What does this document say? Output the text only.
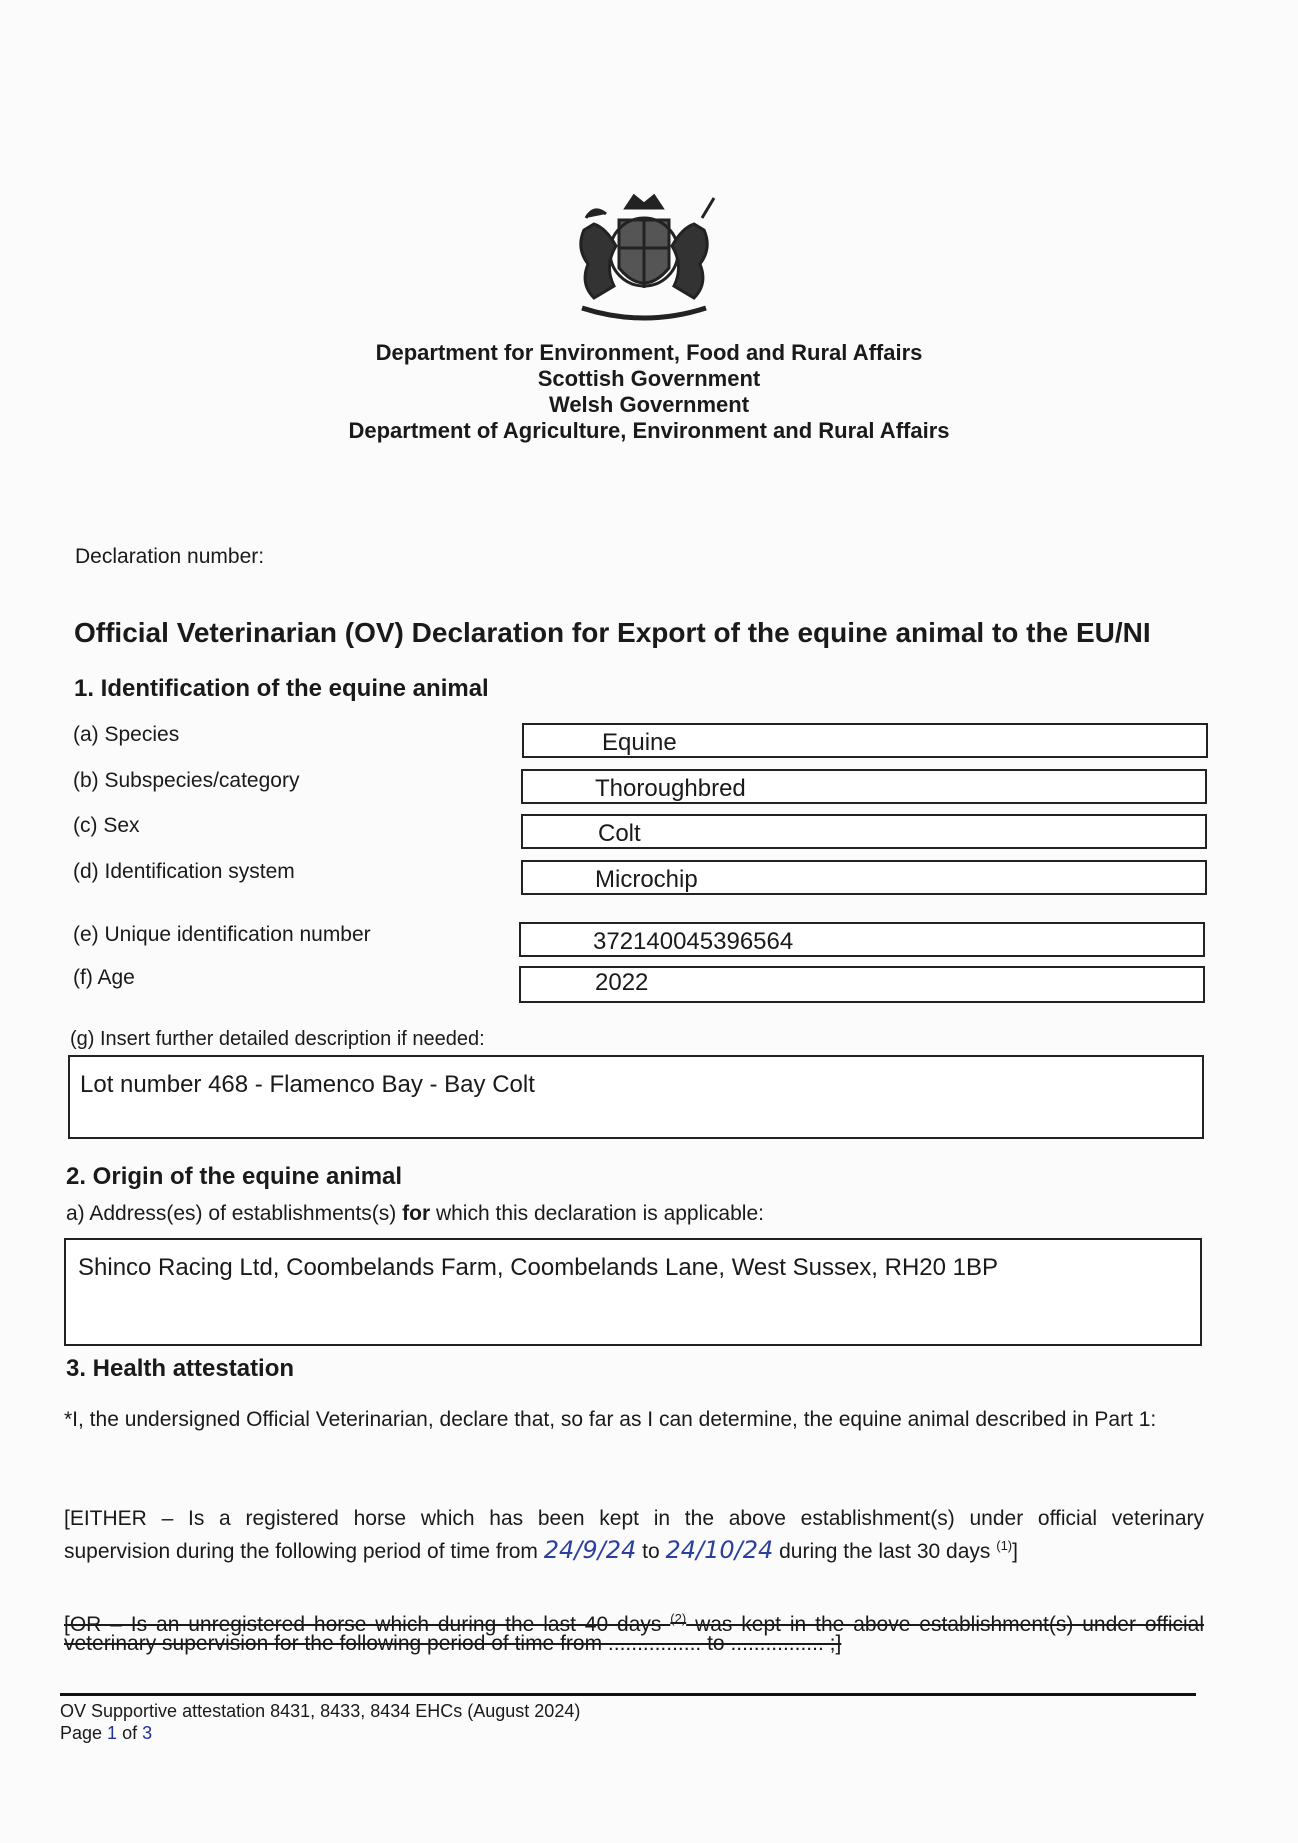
Department for Environment, Food and Rural Affairs
Scottish Government
Welsh Government
Department of Agriculture, Environment and Rural Affairs
Declaration number:
Official Veterinarian (OV) Declaration for Export of the equine animal to the EU/NI
1. Identification of the equine animal
(a) Species	Equine
(b) Subspecies/category	Thoroughbred
(c) Sex	Colt
(d) Identification system	Microchip
(e) Unique identification number	372140045396564
(f) Age	2022
(g) Insert further detailed description if needed:
Lot number 468 - Flamenco Bay - Bay Colt
2. Origin of the equine animal
a) Address(es) of establishments(s) for which this declaration is applicable:
Shinco Racing Ltd, Coombelands Farm, Coombelands Lane, West Sussex, RH20 1BP
3. Health attestation
*I, the undersigned Official Veterinarian, declare that, so far as I can determine, the equine animal described in Part 1:
[EITHER – Is a registered horse which has been kept in the above establishment(s) under official veterinary
supervision during the following period of time from 24/9/24 to 24/10/24 during the last 30 days $^{(1)}$]
[OR – Is an unregistered horse which during the last 40 days $^{(2)}$ was kept in the above establishment(s) under official
veterinary supervision for the following period of time from ................ to ................ ;]
OV Supportive attestation 8431, 8433, 8434 EHCs (August 2024)
Page 1 of 3
